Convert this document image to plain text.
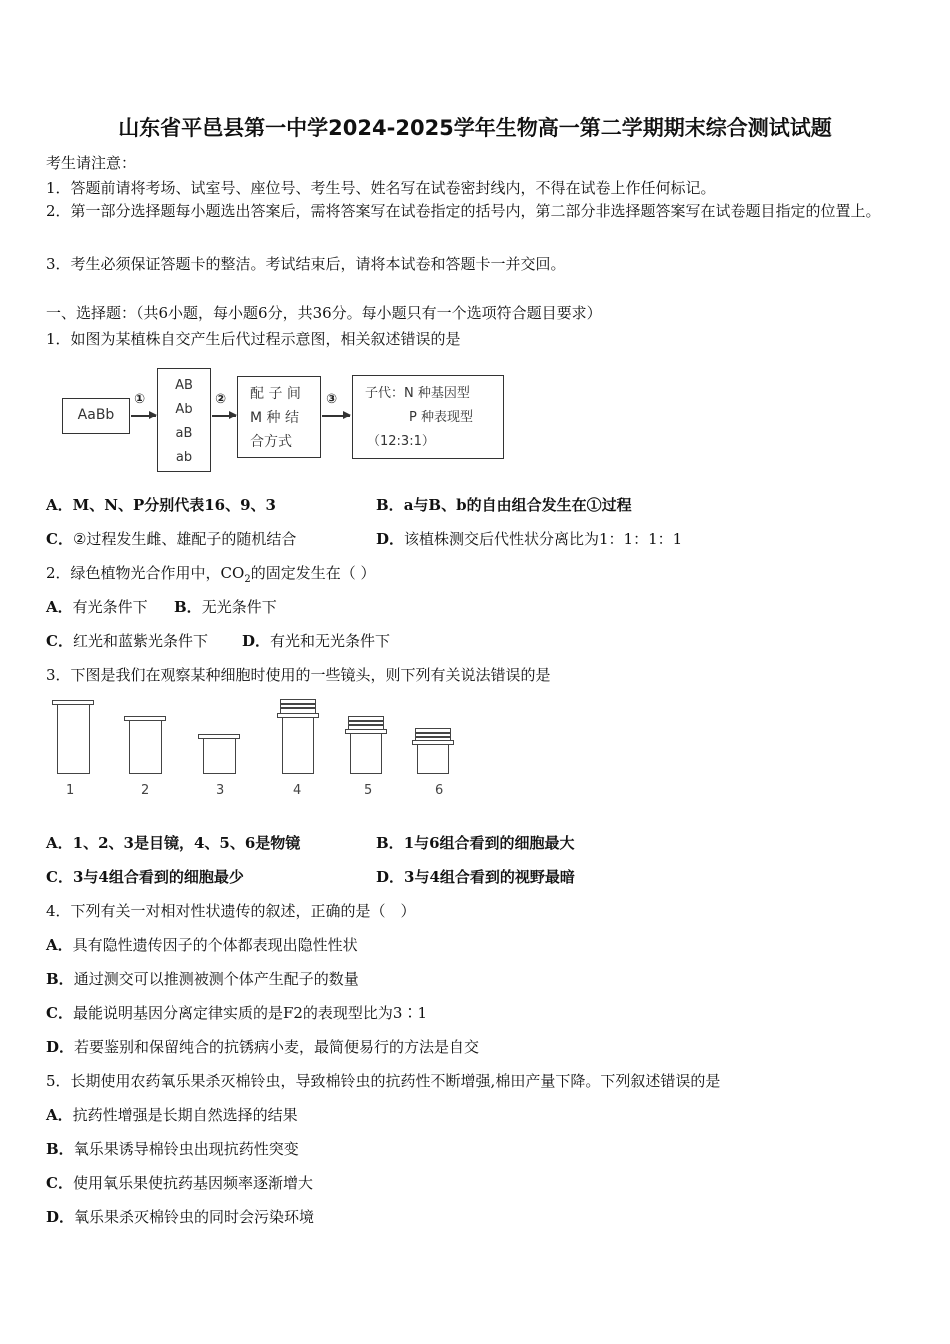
山东省平邑县第一中学2024-2025学年生物高一第二学期期末综合测试试题
考生请注意：
1．答题前请将考场、试室号、座位号、考生号、姓名写在试卷密封线内，不得在试卷上作任何标记。
2．第一部分选择题每小题选出答案后，需将答案写在试卷指定的括号内，第二部分非选择题答案写在试卷题目指定的位置上。
3．考生必须保证答题卡的整洁。考试结束后，请将本试卷和答题卡一并交回。
一、选择题：（共6小题，每小题6分，共36分。每小题只有一个选项符合题目要求）
1．如图为某植株自交产生后代过程示意图，相关叙述错误的是
AaBb
①
AB
Ab
aB
ab
② 配 子 间
M 种 结
合方式
③	子代：N 种基因型
P 种表现型
（12:3:1）
A．M、N、P分别代表16、9、3	B．a与B、b的自由组合发生在①过程
C．②过程发生雌、雄配子的随机结合	D．该植株测交后代性状分离比为1：1：1：1
2．绿色植物光合作用中，$CO_2$的固定发生在（ ）
A．有光条件下 B．无光条件下
C．红光和蓝紫光条件下 D．有光和无光条件下
3．下图是我们在观察某种细胞时使用的一些镜头，则下列有关说法错误的是
1	2	3	4	5	6
A．1、2、3是目镜，4、5、6是物镜	B．1与6组合看到的细胞最大
C．3与4组合看到的细胞最少	D．3与4组合看到的视野最暗
4．下列有关一对相对性状遗传的叙述，正确的是（　）
A．具有隐性遗传因子的个体都表现出隐性性状
B．通过测交可以推测被测个体产生配子的数量
C．最能说明基因分离定律实质的是F2的表现型比为3∶1
D．若要鉴别和保留纯合的抗锈病小麦，最简便易行的方法是自交
5．长期使用农药氧乐果杀灭棉铃虫，导致棉铃虫的抗药性不断增强,棉田产量下降。下列叙述错误的是
A．抗药性增强是长期自然选择的结果
B．氧乐果诱导棉铃虫出现抗药性突变
C．使用氧乐果使抗药基因频率逐渐增大
D．氧乐果杀灭棉铃虫的同时会污染环境
